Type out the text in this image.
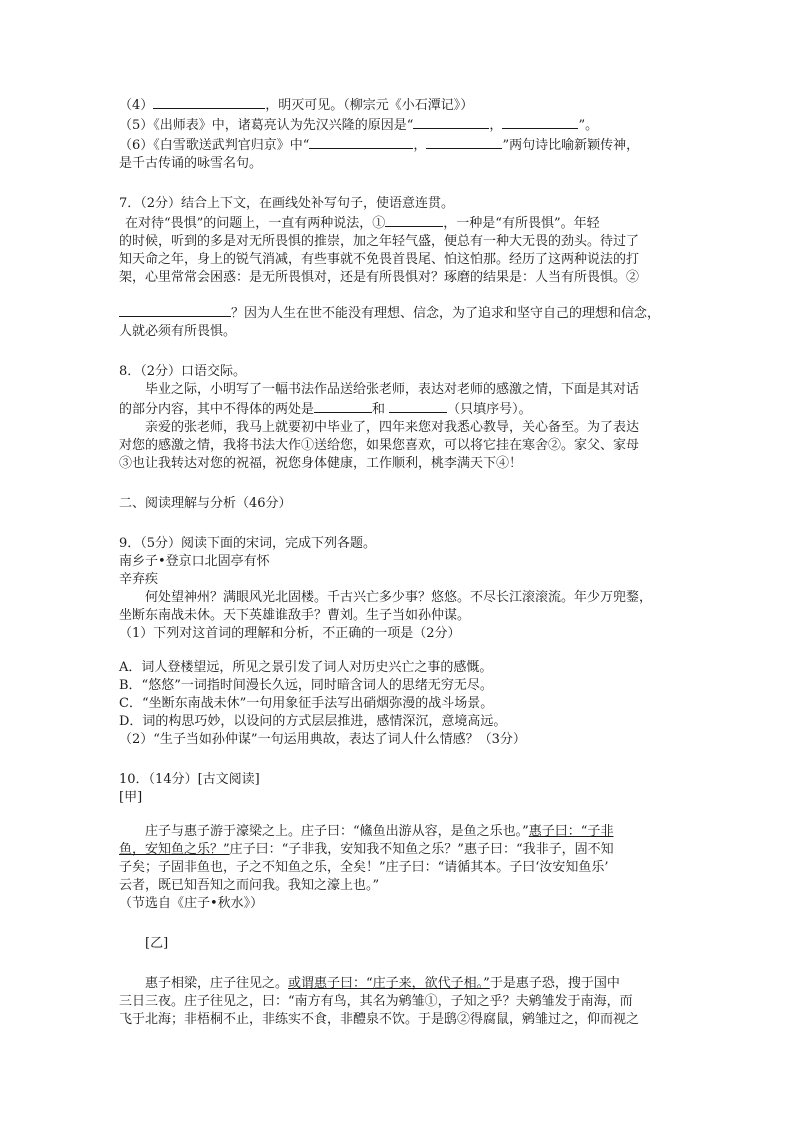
（4）	，明灭可见。（柳宗元《小石潭记》）
（5）《出师表》中，诸葛亮认为先汉兴隆的原因是“	，	”。
（6）《白雪歌送武判官归京》中“	，	”两句诗比喻新颖传神，
是千古传诵的咏雪名句。
7．（2分）结合上下文，在画线处补写句子，使语意连贯。
在对待“畏惧”的问题上，一直有两种说法，①	，一种是“有所畏惧”。年轻
的时候，听到的多是对无所畏惧的推崇，加之年轻气盛，便总有一种大无畏的劲头。待过了
知天命之年，身上的锐气消减，有些事就不免畏首畏尾、怕这怕那。经历了这两种说法的打
架，心里常常会困惑：是无所畏惧对，还是有所畏惧对？琢磨的结果是：人当有所畏惧。②
？因为人生在世不能没有理想、信念，为了追求和坚守自己的理想和信念，
人就必须有所畏惧。
8．（2分）口语交际。
毕业之际，小明写了一幅书法作品送给张老师，表达对老师的感激之情，下面是其对话
的部分内容，其中不得体的两处是	和	（只填序号）。
亲爱的张老师，我马上就要初中毕业了，四年来您对我悉心教导，关心备至。为了表达
对您的感激之情，我将书法大作①送给您，如果您喜欢，可以将它挂在寒舍②。家父、家母
③也让我转达对您的祝福，祝您身体健康，工作顺利，桃李满天下④！
二、阅读理解与分析（46分）
9．（5分）阅读下面的宋词，完成下列各题。
南乡子•登京口北固亭有怀
辛弃疾
何处望神州？满眼风光北固楼。千古兴亡多少事？悠悠。不尽长江滚滚流。年少万兜鍪，
坐断东南战未休。天下英雄谁敌手？曹刘。生子当如孙仲谋。
（1）下列对这首词的理解和分析，不正确的一项是（2分）
A．词人登楼望远，所见之景引发了词人对历史兴亡之事的感慨。
B．“悠悠”一词指时间漫长久远，同时暗含词人的思绪无穷无尽。
C．“坐断东南战未休”一句用象征手法写出硝烟弥漫的战斗场景。
D．词的构思巧妙，以设问的方式层层推进，感情深沉，意境高远。
（2）“生子当如孙仲谋”一句运用典故，表达了词人什么情感？（3分）
10．（14分）[古文阅读]
[甲]
庄子与惠子游于濠梁之上。庄子曰：“鯈鱼出游从容，是鱼之乐也。”惠子曰：“子非
鱼，安知鱼之乐？”庄子曰：“子非我，安知我不知鱼之乐？”惠子曰：“我非子，固不知
子矣；子固非鱼也，子之不知鱼之乐，全矣！”庄子曰：“请循其本。子曰‘汝安知鱼乐’
云者，既已知吾知之而问我。我知之濠上也。”
（节选自《庄子•秋水》）
[乙]
惠子相梁，庄子往见之。或谓惠子曰：“庄子来，欲代子相。”于是惠子恐，搜于国中
三日三夜。庄子往见之，曰：“南方有鸟，其名为鹓雏①，子知之乎？夫鹓雏发于南海，而
飞于北海；非梧桐不止，非练实不食，非醴泉不饮。于是鸱②得腐鼠，鹓雏过之，仰而视之
